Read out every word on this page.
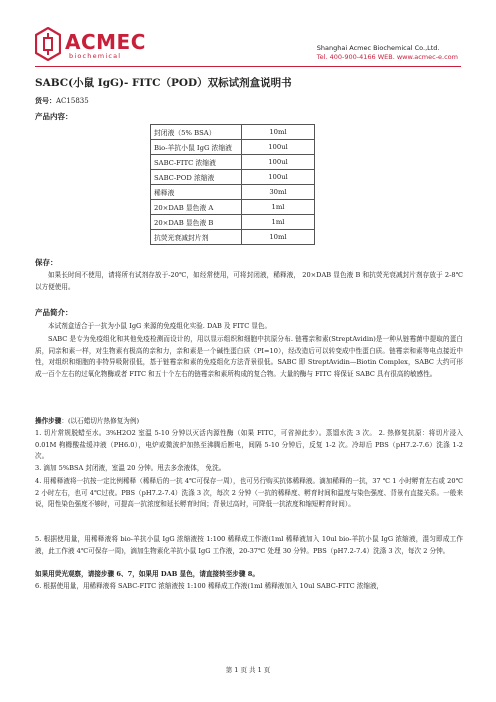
ACMEC
biochemical
Shanghai Acmec Biochemical Co.,Ltd.
Tel. 400-900-4166 WEB. www.acmec-e.com
SABC(小鼠 IgG)- FITC（POD）双标试剂盒说明书
货号：AC15835
产品内容：
封闭液（5% BSA）	10ml
Bio-羊抗小鼠 IgG 浓缩液	100ul
SABC-FITC 浓缩液	100ul
SABC-POD 浓缩液	100ul
稀释液	30ml
20×DAB 显色液 A	1ml
20×DAB 显色液 B	1ml
抗荧光衰减封片剂	10ml
保存：
如果长时间不使用，请将所有试剂存放于-20℃，如经常使用，可将封闭液，稀释液， 20×DAB 显色液 B 和抗荧光衰减封片剂存放于 2-8℃以方便使用。
产品简介：
本试剂盒适合于一抗为小鼠 IgG 来源的免疫组化实验. DAB 及 FITC 显色。
SABC 是专为免疫组化和其他免疫检测而设计的，用以显示组织和细胞中抗原分布. 链霉亲和素(StreptAvidin)是一种从链霉菌中提取的蛋白质，同亲和素一样，对生物素有极高的亲和力，亲和素是一个碱性蛋白质（PI=10），经改造后可以转变成中性蛋白质。链霉亲和素等电点接近中性，对组织和细胞的非特异吸附很低，基于链霉亲和素的免疫组化方法背景很低。SABC 即 StreptAvidin—Biotin Complex，SABC 大约可形成一百个左右的过氧化物酶或者 FITC 和五十个左右的链霉亲和素所构成的复合物。大量的酶与 FITC 将保证 SABC 具有很高的敏感性。
操作步骤：(以石蜡切片热修复为例)
1. 切片常规脱蜡至水。3%H2O2 室温 5-10 分钟以灭活内源性酶（如果 FITC，可省掉此步）。蒸馏水洗 3 次。 2. 热修复抗原：将切片浸入 0.01M 枸橼酸盐缓冲液（PH6.0），电炉或微波炉加热至沸腾后断电，间隔 5-10 分钟后，反复 1-2 次。冷却后 PBS（pH7.2-7.6）洗涤 1-2 次。
3. 滴加 5%BSA 封闭液，室温 20 分钟。甩去多余液体， 免洗。
4. 用稀释液将一抗按一定比例稀释（稀释后的一抗 4℃可保存一周），也可另行购买抗体稀释液。滴加稀释的一抗，37 ℃ 1 小时孵育左右或 20℃ 2 小时左右，也可 4℃过夜。PBS（pH7.2-7.4）洗涤 3 次，每次 2 分钟（一抗的稀释度、孵育时间和温度与染色强度、背景有直接关系。一般来说，阳性染色强度不够时，可提高一抗浓度和延长孵育时间；背景过高时，可降低一抗浓度和缩短孵育时间）。
5. 根据使用量，用稀释液将 bio-羊抗小鼠 IgG 浓缩液按 1:100 稀释成工作液(1ml 稀释液加入 10ul bio-羊抗小鼠 IgG 浓缩液，混匀即成工作液，此工作液 4℃可保存一周)，滴加生物素化羊抗小鼠 IgG 工作液，20-37℃ 处理 30 分钟。PBS（pH7.2-7.4）洗涤 3 次，每次 2 分钟。
如果用荧光观察，请接步骤 6、7，如果用 DAB 显色，请直接转至步骤 8。
6. 根据使用量，用稀释液将 SABC-FITC 浓缩液按 1:100 稀释成工作液(1ml 稀释液加入 10ul SABC-FITC 浓缩液，
第 1 页 共 1 页
